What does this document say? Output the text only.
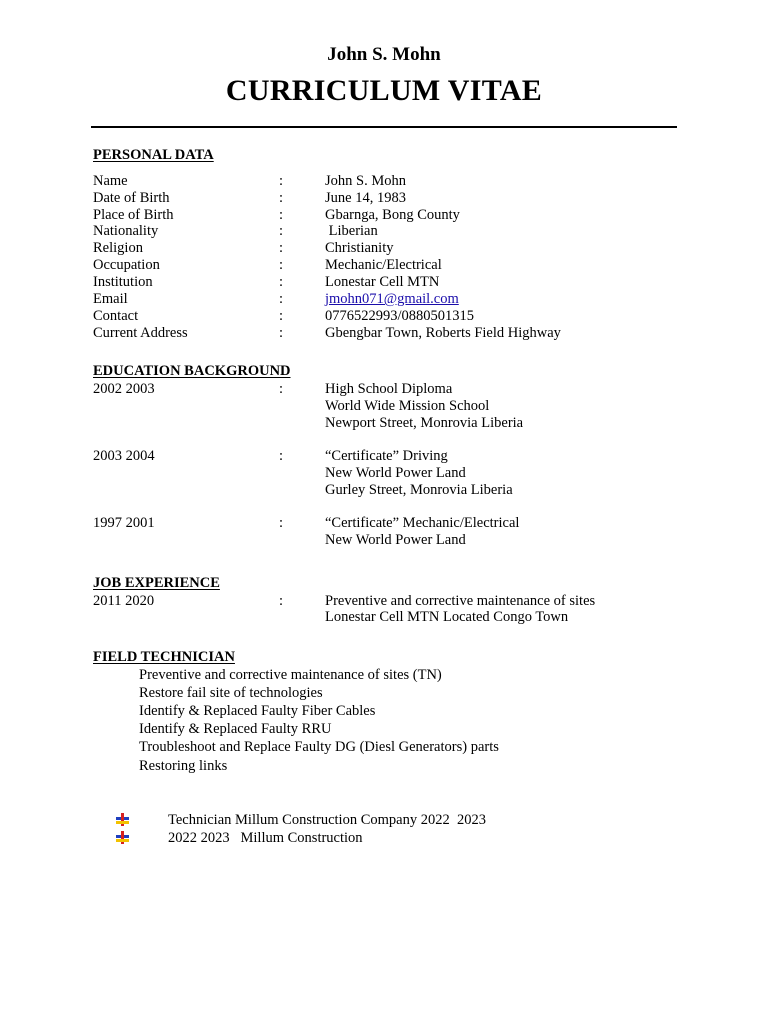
John S. Mohn
CURRICULUM VITAE
PERSONAL DATA
Name	:	John S. Mohn
Date of Birth	:	June 14, 1983
Place of Birth	:	Gbarnga, Bong County
Nationality	:	Liberian
Religion	:	Christianity
Occupation	:	Mechanic/Electrical
Institution	:	Lonestar Cell MTN
Email	:	jmohn071@gmail.com
Contact	:	0776522993/0880501315
Current Address	:	Gbengbar Town, Roberts Field Highway
EDUCATION BACKGROUND
2002 2003	:	High School Diploma
World Wide Mission School
Newport Street, Monrovia Liberia
2003 2004	:	“Certificate” Driving
New World Power Land
Gurley Street, Monrovia Liberia
1997 2001	:	“Certificate” Mechanic/Electrical
New World Power Land
JOB EXPERIENCE
2011 2020	:	Preventive and corrective maintenance of sites
Lonestar Cell MTN Located Congo Town
FIELD TECHNICIAN
Preventive and corrective maintenance of sites (TN)
Restore fail site of technologies
Identify & Replaced Faulty Fiber Cables
Identify & Replaced Faulty RRU
Troubleshoot and Replace Faulty DG (Diesl Generators) parts
Restoring links
Technician Millum Construction Company 2022  2023
2022 2023   Millum Construction
